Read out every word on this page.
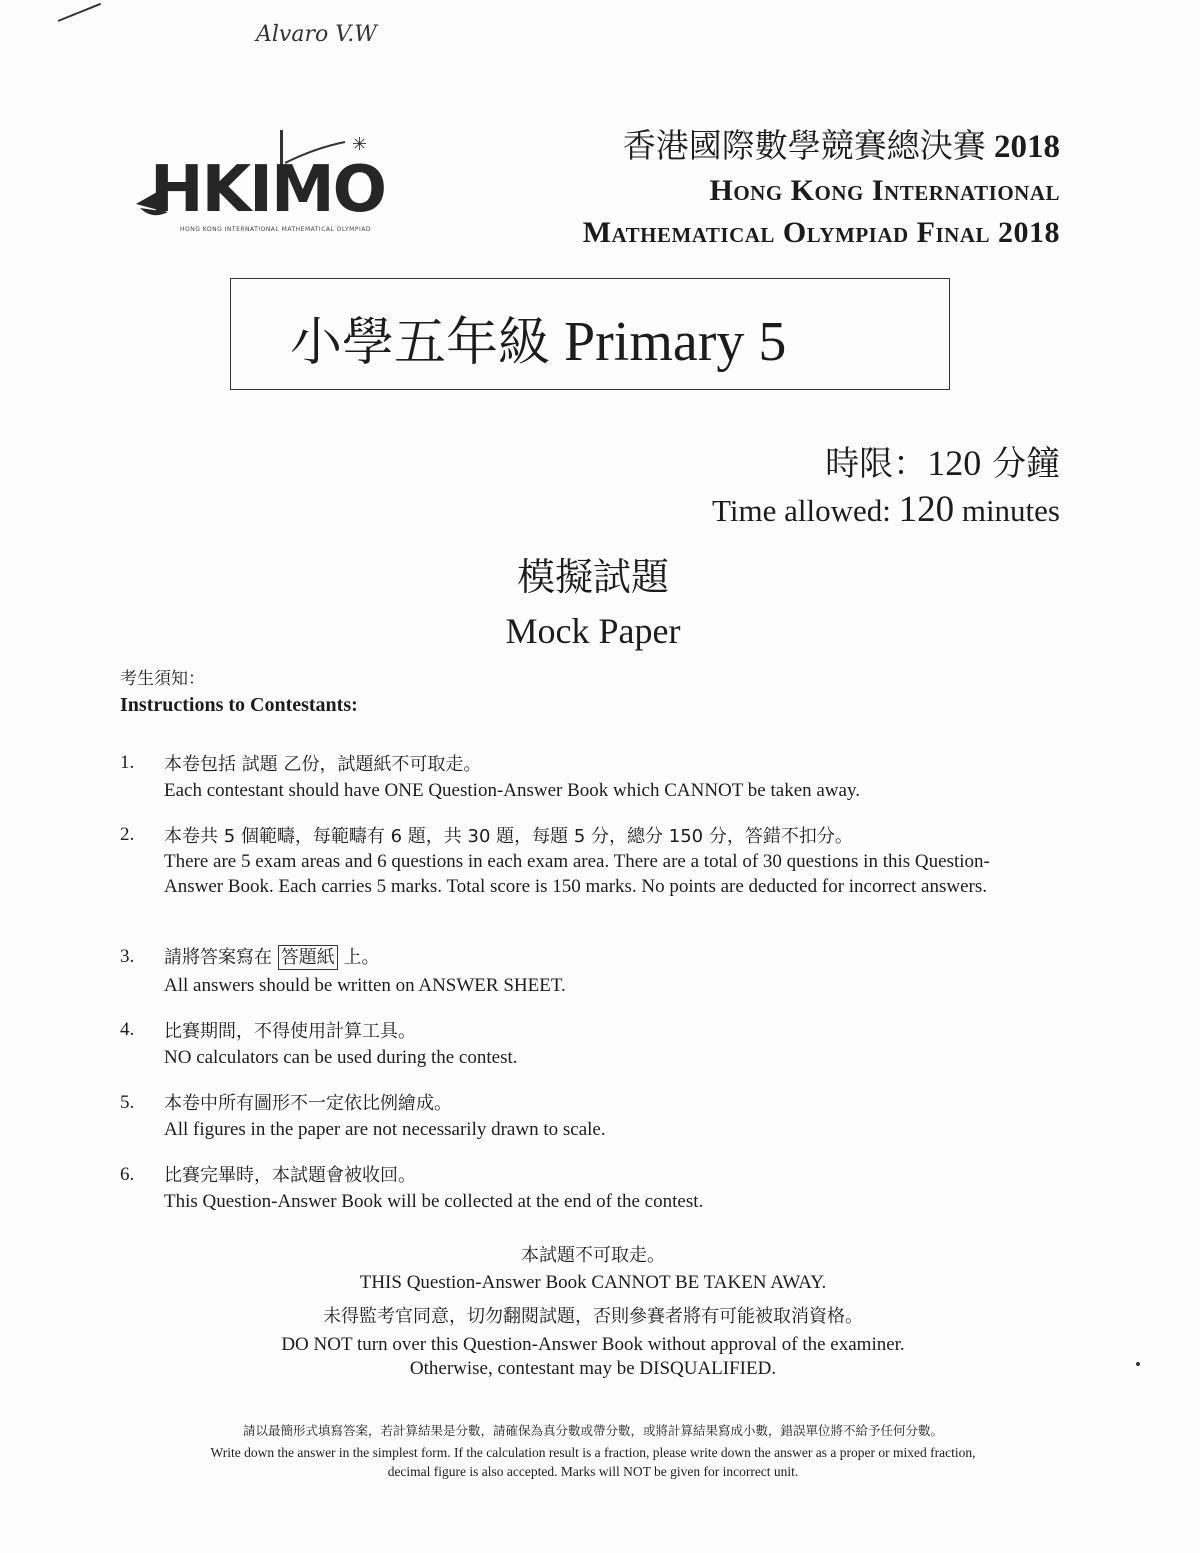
Alvaro V.W
✳
HKIMO
HONG KONG INTERNATIONAL MATHEMATICAL OLYMPIAD
香港國際數學競賽總決賽 2018
Hong Kong International
Mathematical Olympiad Final 2018
小學五年級 Primary 5
時限：120 分鐘
Time allowed: 120 minutes
模擬試題
Mock Paper
考生須知：
Instructions to Contestants:
1. 本卷包括 試題 乙份，試題紙不可取走。
Each contestant should have ONE Question-Answer Book which CANNOT be taken away.
2. 本卷共 5 個範疇，每範疇有 6 題，共 30 題，每題 5 分，總分 150 分，答錯不扣分。
There are 5 exam areas and 6 questions in each exam area. There are a total of 30 questions in this Question-Answer Book. Each carries 5 marks. Total score is 150 marks. No points are deducted for incorrect answers.
3. 請將答案寫在 答題紙 上。
All answers should be written on ANSWER SHEET.
4. 比賽期間，不得使用計算工具。
NO calculators can be used during the contest.
5. 本卷中所有圖形不一定依比例繪成。
All figures in the paper are not necessarily drawn to scale.
6. 比賽完畢時，本試題會被收回。
This Question-Answer Book will be collected at the end of the contest.
本試題不可取走。
THIS Question-Answer Book CANNOT BE TAKEN AWAY.
未得監考官同意，切勿翻閱試題，否則參賽者將有可能被取消資格。
DO NOT turn over this Question-Answer Book without approval of the examiner.
Otherwise, contestant may be DISQUALIFIED.
請以最簡形式填寫答案，若計算結果是分數，請確保為真分數或帶分數，或將計算結果寫成小數，錯誤單位將不給予任何分數。
Write down the answer in the simplest form. If the calculation result is a fraction, please write down the answer as a proper or mixed fraction,
decimal figure is also accepted. Marks will NOT be given for incorrect unit.
